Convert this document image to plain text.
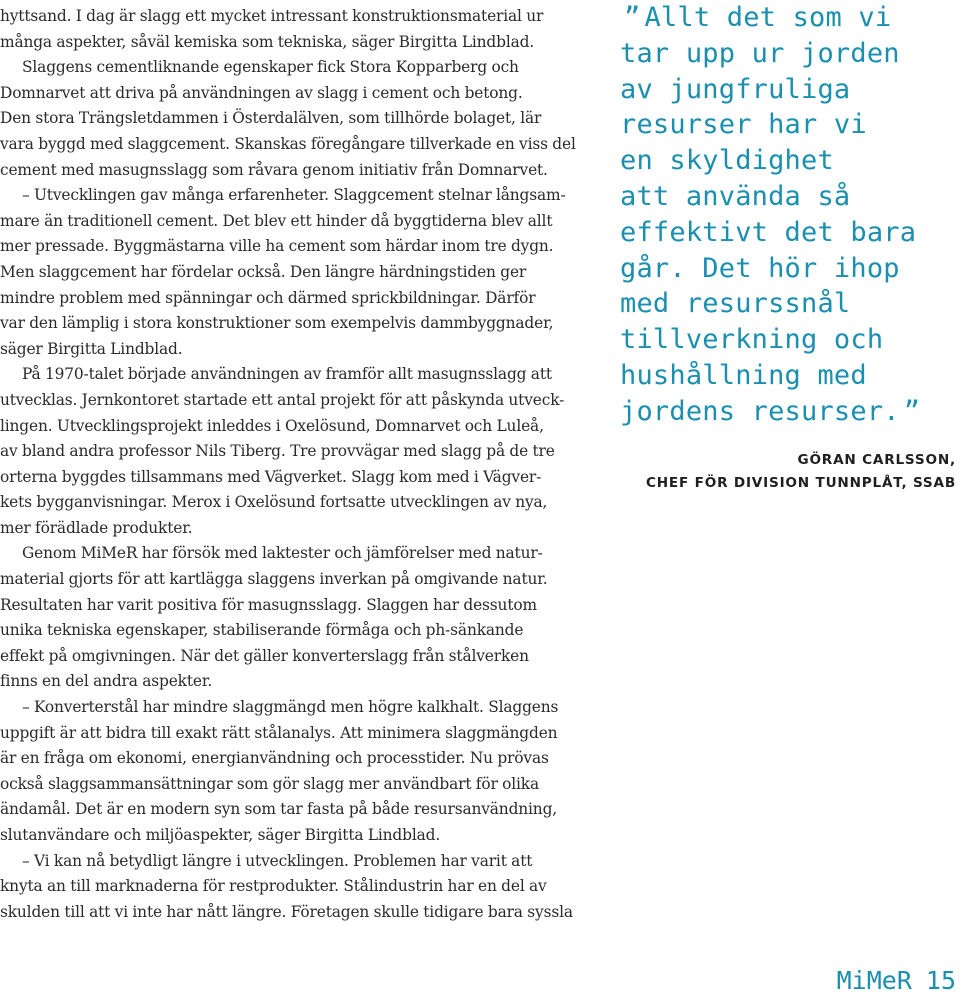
hyttsand. I dag är slagg ett mycket intressant konstruktionsmaterial ur
många aspekter, såväl kemiska som tekniska, säger Birgitta Lindblad.
Slaggens cementliknande egenskaper fick Stora Kopparberg och
Domnarvet att driva på användningen av slagg i cement och betong.
Den stora Trängsletdammen i Österdalälven, som tillhörde bolaget, lär
vara byggd med slaggcement. Skanskas föregångare tillverkade en viss del
cement med masugnsslagg som råvara genom initiativ från Domnarvet.
– Utvecklingen gav många erfarenheter. Slaggcement stelnar långsam-
mare än traditionell cement. Det blev ett hinder då byggtiderna blev allt
mer pressade. Byggmästarna ville ha cement som härdar inom tre dygn.
Men slaggcement har fördelar också. Den längre härdningstiden ger
mindre problem med spänningar och därmed sprickbildningar. Därför
var den lämplig i stora konstruktioner som exempelvis dammbyggnader,
säger Birgitta Lindblad.
På 1970-talet började användningen av framför allt masugnsslagg att
utvecklas. Jernkontoret startade ett antal projekt för att påskynda utveck-
lingen. Utvecklingsprojekt inleddes i Oxelösund, Domnarvet och Luleå,
av bland andra professor Nils Tiberg. Tre provvägar med slagg på de tre
orterna byggdes tillsammans med Vägverket. Slagg kom med i Vägver-
kets bygganvisningar. Merox i Oxelösund fortsatte utvecklingen av nya,
mer förädlade produkter.
Genom MiMeR har försök med laktester och jämförelser med natur-
material gjorts för att kartlägga slaggens inverkan på omgivande natur.
Resultaten har varit positiva för masugnsslagg. Slaggen har dessutom
unika tekniska egenskaper, stabiliserande förmåga och ph-sänkande
effekt på omgivningen. När det gäller konverterslagg från stålverken
finns en del andra aspekter.
– Konverterstål har mindre slaggmängd men högre kalkhalt. Slaggens
uppgift är att bidra till exakt rätt stålanalys. Att minimera slaggmängden
är en fråga om ekonomi, energianvändning och processtider. Nu prövas
också slaggsammansättningar som gör slagg mer användbart för olika
ändamål. Det är en modern syn som tar fasta på både resursanvändning,
slutanvändare och miljöaspekter, säger Birgitta Lindblad.
– Vi kan nå betydligt längre i utvecklingen. Problemen har varit att
knyta an till marknaderna för restprodukter. Stålindustrin har en del av
skulden till att vi inte har nått längre. Företagen skulle tidigare bara syssla
” Allt det som vi
tar upp ur jorden
av jungfruliga
resurser har vi
en skyldighet
att använda så
effektivt det bara
går. Det hör ihop
med resurssnål
tillverkning och
hushållning med
jordens resurser. ”
GÖRAN CARLSSON,
CHEF FÖR DIVISION TUNNPLÅT, SSAB
MiMeR 15
